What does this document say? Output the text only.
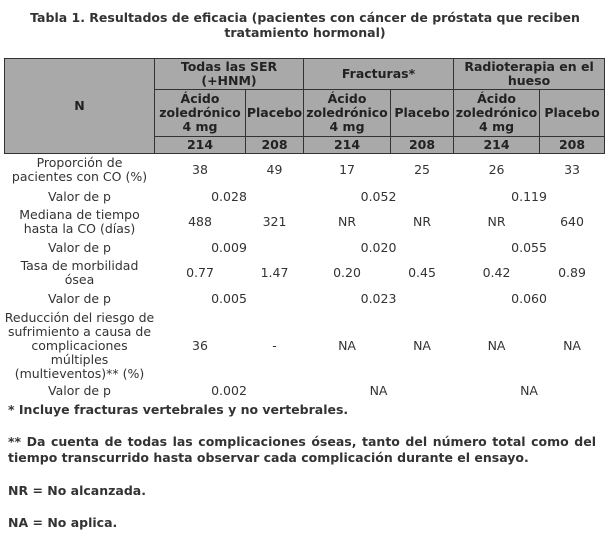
Tabla 1. Resultados de eficacia (pacientes con cáncer de próstata que reciben tratamiento hormonal)
N	Todas las SER (+HNM)		Fracturas*		Radioterapia en el hueso	
	Ácido zoledrónico 4 mg	Placebo	Ácido zoledrónico 4 mg	Placebo	Ácido zoledrónico 4 mg	Placebo
	214	208	214	208	214	208
Proporción de pacientes con CO (%)	38	49	17	25	26	33
Valor de p	0.028		0.052		0.119	
Mediana de tiempo hasta la CO (días)	488	321	NR	NR	NR	640
Valor de p	0.009		0.020		0.055	
Tasa de morbilidad ósea	0.77	1.47	0.20	0.45	0.42	0.89
Valor de p	0.005		0.023		0.060	
Reducción del riesgo de sufrimiento a causa de complicaciones múltiples (multieventos)** (%)	36	-	NA	NA	NA	NA
Valor de p	0.002		NA		NA	
* Incluye fracturas vertebrales y no vertebrales.
** Da cuenta de todas las complicaciones óseas, tanto del número total como del tiempo transcurrido hasta observar cada complicación durante el ensayo.
NR = No alcanzada.
NA = No aplica.
